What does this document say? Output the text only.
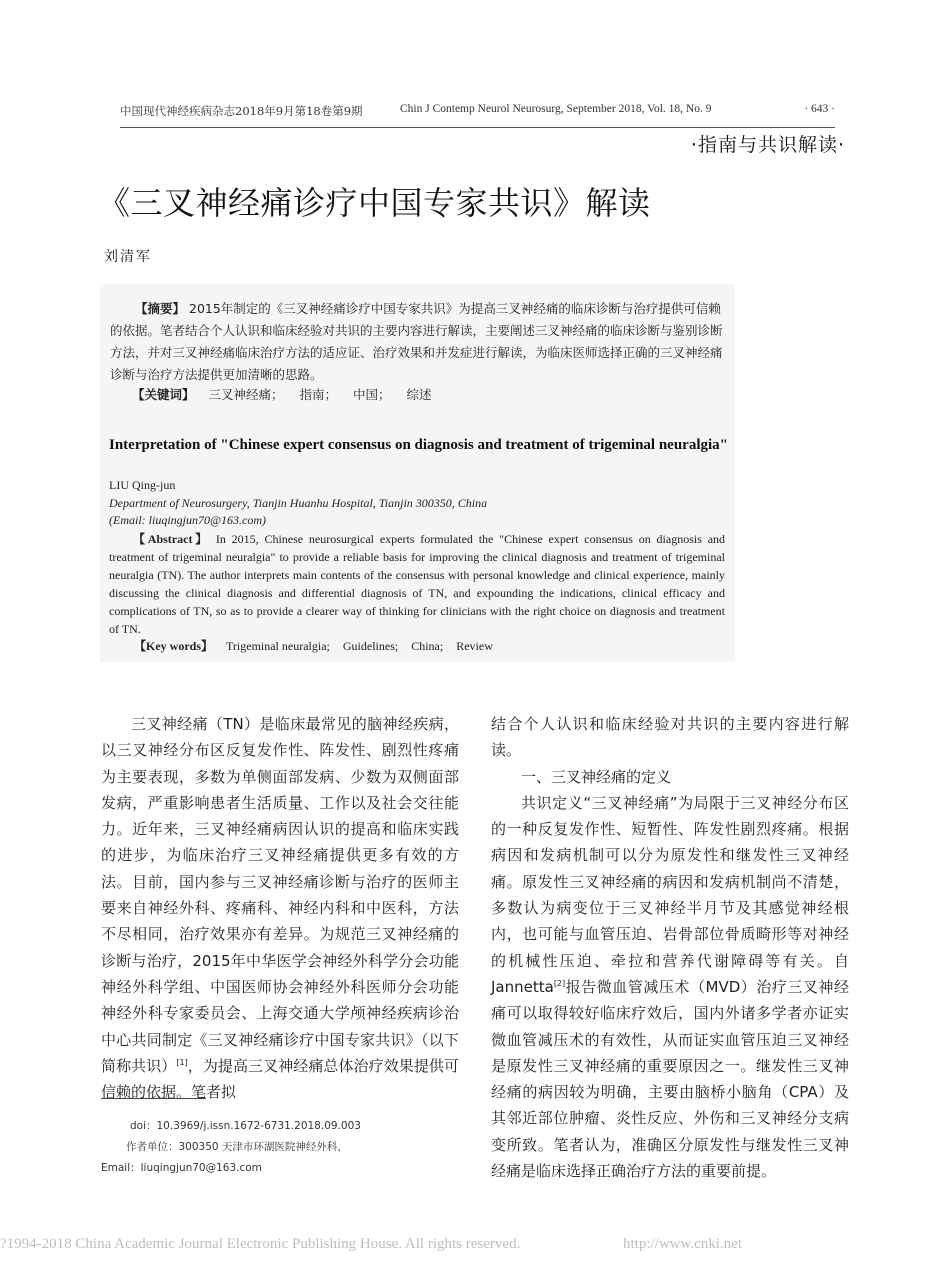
中国现代神经疾病杂志2018年9月第18卷第9期	Chin J Contemp Neurol Neurosurg, September 2018, Vol. 18, No. 9	· 643 ·
·指南与共识解读·
《三叉神经痛诊疗中国专家共识》解读
刘清军
【摘要】 2015年制定的《三叉神经痛诊疗中国专家共识》为提高三叉神经痛的临床诊断与治疗提供可信赖的依据。笔者结合个人认识和临床经验对共识的主要内容进行解读，主要阐述三叉神经痛的临床诊断与鉴别诊断方法，并对三叉神经痛临床治疗方法的适应证、治疗效果和并发症进行解读，为临床医师选择正确的三叉神经痛诊断与治疗方法提供更加清晰的思路。
【关键词】 三叉神经痛； 指南； 中国； 综述
Interpretation of "Chinese expert consensus on diagnosis and treatment of trigeminal neuralgia"
LIU Qing-jun
Department of Neurosurgery, Tianjin Huanhu Hospital, Tianjin 300350, China
(Email: liuqingjun70@163.com)
【Abstract】 In 2015, Chinese neurosurgical experts formulated the "Chinese expert consensus on diagnosis and treatment of trigeminal neuralgia" to provide a reliable basis for improving the clinical diagnosis and treatment of trigeminal neuralgia (TN). The author interprets main contents of the consensus with personal knowledge and clinical experience, mainly discussing the clinical diagnosis and differential diagnosis of TN, and expounding the indications, clinical efficacy and complications of TN, so as to provide a clearer way of thinking for clinicians with the right choice on diagnosis and treatment of TN.
【Key words】 Trigeminal neuralgia; Guidelines; China; Review
三叉神经痛（TN）是临床最常见的脑神经疾病，以三叉神经分布区反复发作性、阵发性、剧烈性疼痛为主要表现，多数为单侧面部发病、少数为双侧面部发病，严重影响患者生活质量、工作以及社会交往能力。近年来，三叉神经痛病因认识的提高和临床实践的进步，为临床治疗三叉神经痛提供更多有效的方法。目前，国内参与三叉神经痛诊断与治疗的医师主要来自神经外科、疼痛科、神经内科和中医科，方法不尽相同，治疗效果亦有差异。为规范三叉神经痛的诊断与治疗，2015年中华医学会神经外科学分会功能神经外科学组、中国医师协会神经外科医师分会功能神经外科专家委员会、上海交通大学颅神经疾病诊治中心共同制定《三叉神经痛诊疗中国专家共识》（以下简称共识）[1]，为提高三叉神经痛总体治疗效果提供可信赖的依据。笔者拟

结合个人认识和临床经验对共识的主要内容进行解读。

一、三叉神经痛的定义

共识定义“三叉神经痛”为局限于三叉神经分布区的一种反复发作性、短暂性、阵发性剧烈疼痛。根据病因和发病机制可以分为原发性和继发性三叉神经痛。原发性三叉神经痛的病因和发病机制尚不清楚，多数认为病变位于三叉神经半月节及其感觉神经根内，也可能与血管压迫、岩骨部位骨质畸形等对神经的机械性压迫、牵拉和营养代谢障碍等有关。自Jannetta[2]报告微血管减压术（MVD）治疗三叉神经痛可以取得较好临床疗效后，国内外诸多学者亦证实微血管减压术的有效性，从而证实血管压迫三叉神经是原发性三叉神经痛的重要原因之一。继发性三叉神经痛的病因较为明确，主要由脑桥小脑角（CPA）及其邻近部位肿瘤、炎性反应、外伤和三叉神经分支病变所致。笔者认为，准确区分原发性与继发性三叉神经痛是临床选择正确治疗方法的重要前提。

doi：10.3969/j.issn.1672-6731.2018.09.003
作者单位：300350 天津市环湖医院神经外科，
Email：liuqingjun70@163.com
?1994-2018 China Academic Journal Electronic Publishing House. All rights reserved.	http://www.cnki.net
